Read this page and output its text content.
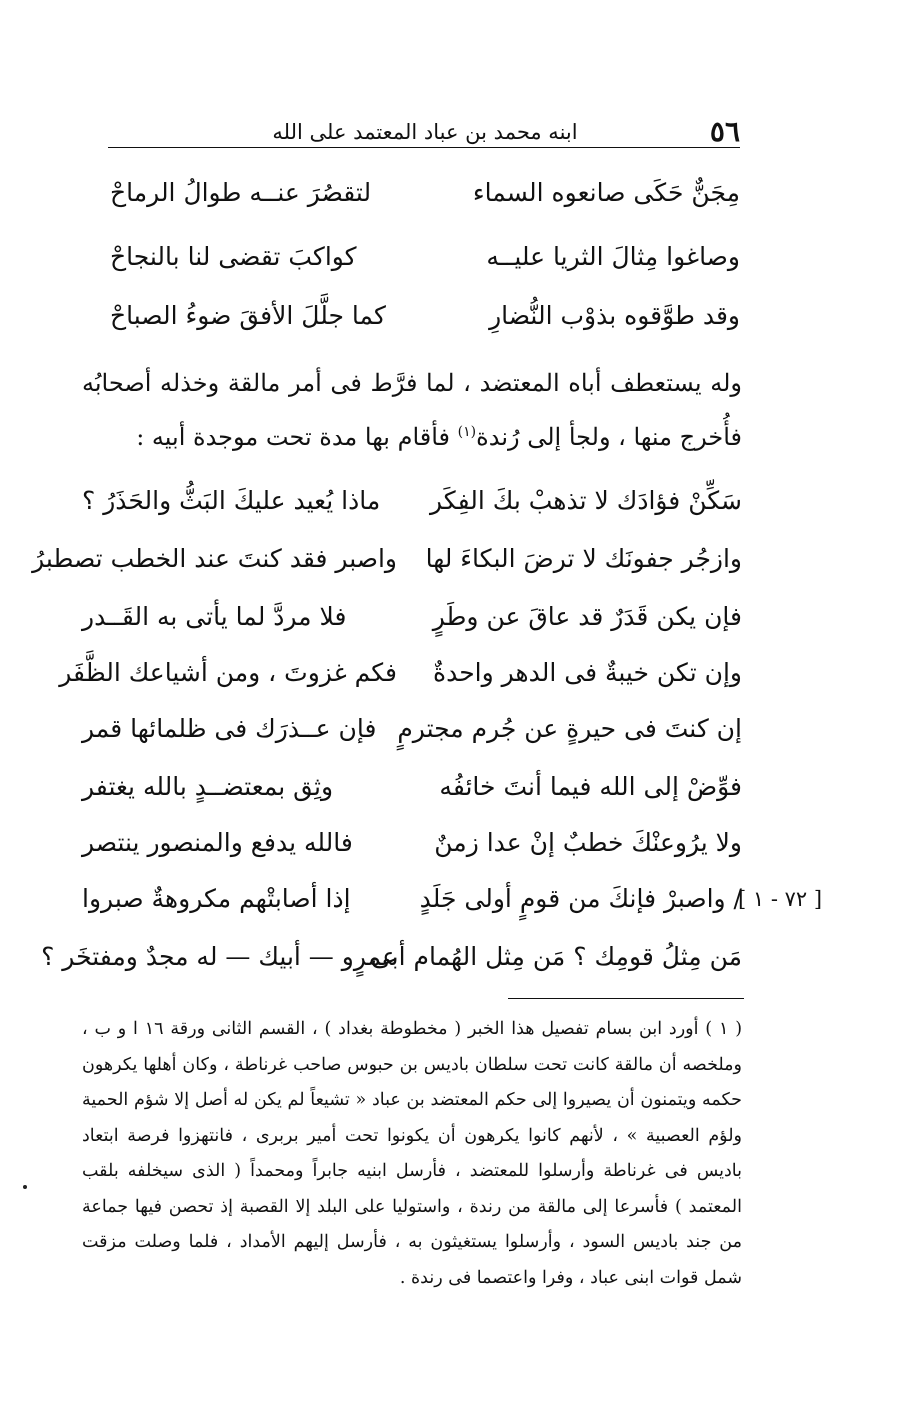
٥٦
ابنه محمد بن عباد المعتمد على الله
مِجَنٌّ حَكَى صانعوه السماء
لتقصُرَ عنــه طوالُ الرماحْ
وصاغوا مِثالَ الثريا عليــه
كواكبَ تقضى لنا بالنجاحْ
وقد طوَّقوه بذوْب النُّضارِ
كما جلَّلَ الأفقَ ضوءُ الصباحْ
وله يستعطف أباه المعتضد ، لما فرَّط فى أمر مالقة وخذله أصحابُه فأُخرج منها ، ولجأ إلى رُندة$^{(١)}$ فأقام بها مدة تحت موجدة أبيه :
سَكِّنْ فؤادَك لا تذهبْ بكَ الفِكَر
ماذا يُعيد عليكَ البَثُّ والحَذَرُ ؟
وازجُر جفونَك لا ترضَ البكاءَ لها
واصبر فقد كنتَ عند الخطب تصطبرُ
فإن يكن قَدَرٌ قد عاقَ عن وطَرٍ
فلا مردَّ لما يأتى به القَــدر
وإن تكن خيبةٌ فى الدهر واحدةٌ
فكم غزوتَ ، ومن أشياعك الظَّفَر
إن كنتَ فى حيرةٍ عن جُرم مجترمٍ
فإن عــذرَك فى ظلمائها قمر
فوِّضْ إلى الله فيما أنتَ خائفُه
وثِق بمعتضــدٍ بالله يغتفر
ولا يرُوعنْكَ خطبٌ إنْ عدا زمنٌ
فالله يدفع والمنصور ينتصر
/ واصبرْ فإنكَ من قومٍ أولى جَلَدٍ
إذا أصابتْهم مكروهةٌ صبروا
مَن مِثلُ قومِك ؟ مَن مِثل الهُمام أبى
عمرٍو — أبيك — له مجدٌ ومفتخَر ؟
[ ٧٢ - ١ ]
( ١ ) أورد ابن بسام تفصيل هذا الخبر ( مخطوطة بغداد ) ، القسم الثانى ورقة ١٦ ا و ب ، وملخصه أن مالقة كانت تحت سلطان باديس بن حبوس صاحب غرناطة ، وكان أهلها يكرهون حكمه ويتمنون أن يصيروا إلى حكم المعتضد بن عباد « تشيعاً لم يكن له أصل إلا شؤم الحمية ولؤم العصبية » ، لأنهم كانوا يكرهون أن يكونوا تحت أمير بربرى ، فانتهزوا فرصة ابتعاد باديس فى غرناطة وأرسلوا للمعتضد ، فأرسل ابنيه جابراً ومحمداً ( الذى سيخلفه بلقب المعتمد ) فأسرعا إلى مالقة من رندة ، واستوليا على البلد إلا القصبة إذ تحصن فيها جماعة من جند باديس السود ، وأرسلوا يستغيثون به ، فأرسل إليهم الأمداد ، فلما وصلت مزقت شمل قوات ابنى عباد ، وفرا واعتصما فى رندة .
